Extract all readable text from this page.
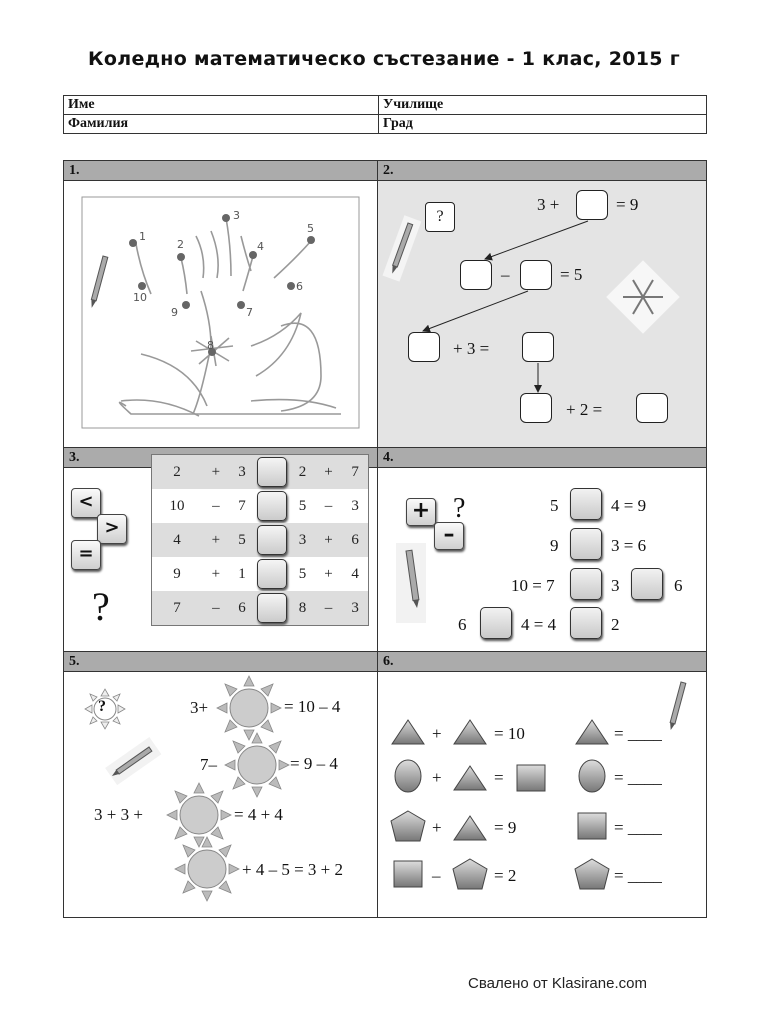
Коледно математическо състезание - 1 клас, 2015 г
Име	Училище
Фамилия	Град
1.
1
2
3
4
5
6
7
8
9
10
2.
?
3 +	= 9
–	= 5
+ 3 =
+ 2 =
3.
<
>
=
?
2	+	3		2	+	7
10	–	7		5	–	3
4	+	5		3	+	6
9	+	1		5	+	4
7	–	6		8	–	3
4.
+
–
?	5	4 = 9
9	3 = 6
10 = 7	3	6
6	4 = 4	2
5.
?	3+	= 10 – 4
7–	= 9 – 4
3 + 3 +	= 4 + 4
+ 4 – 5 = 3 + 2
6.
+	= 10	= ____
+	=	= ____
+	= 9	= ____
–	= 2	= ____
Свалено от Klasirane.com
